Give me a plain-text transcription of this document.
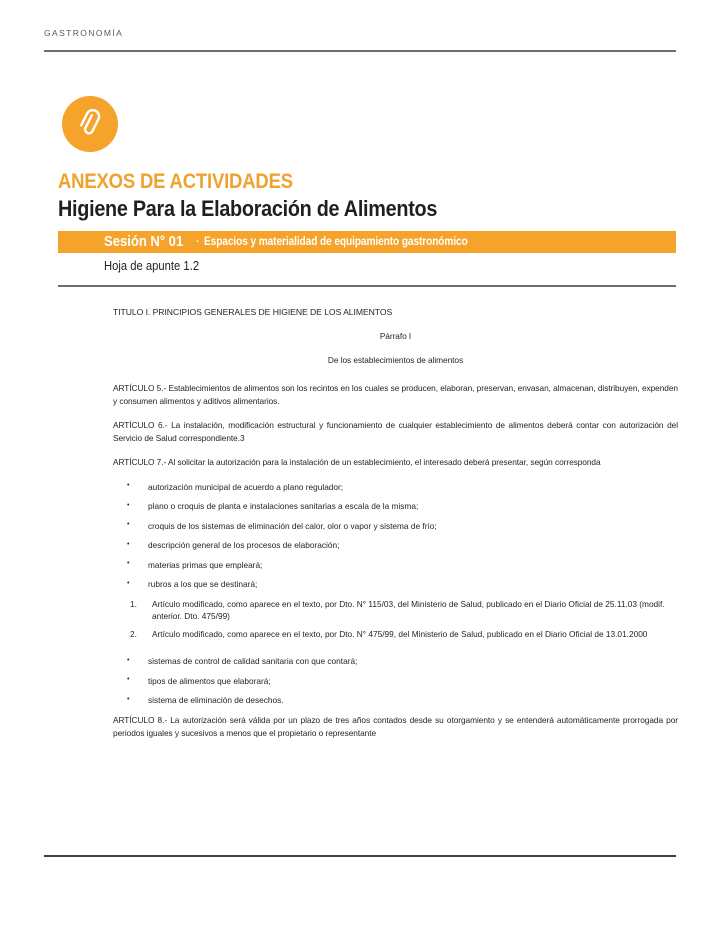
GASTRONOMÍA
ANEXOS DE ACTIVIDADES
Higiene Para la Elaboración de Alimentos
Sesión N° 01	· Espacios y materialidad de equipamiento gastronómico
Hoja de apunte 1.2

TITULO I. PRINCIPIOS GENERALES DE HIGIENE DE LOS ALIMENTOS

Párrafo I

De los establecimientos de alimentos

ARTÍCULO 5.- Establecimientos de alimentos son los recintos en los cuales se producen, elaboran, preservan, envasan, almacenan, distribuyen, expenden y consumen alimentos y aditivos alimentarios.

ARTÍCULO 6.- La instalación, modificación estructural y funcionamiento de cualquier establecimiento de alimentos deberá contar con autorización del Servicio de Salud correspondiente.3

ARTÍCULO 7.- Al solicitar la autorización para la instalación de un establecimiento, el interesado deberá presentar, según corresponda

• autorización municipal de acuerdo a plano regulador;
• plano o croquis de planta e instalaciones sanitarias a escala de la misma;
• croquis de los sistemas de eliminación del calor, olor o vapor y sistema de frío;
• descripción general de los procesos de elaboración;
• materias primas que empleará;
• rubros a los que se destinará;
Artículo modificado, como aparece en el texto, por Dto. N° 115/03, del Ministerio de Salud, publicado en el Diario Oficial de 25.11.03 (modif. anterior. Dto. 475/99)
Artículo modificado, como aparece en el texto, por Dto. N° 475/99, del Ministerio de Salud, publicado en el Diario Oficial de 13.01.2000
• sistemas de control de calidad sanitaria con que contará;
• tipos de alimentos que elaborará;
• sistema de eliminación de desechos.

ARTÍCULO 8.- La autorización será válida por un plazo de tres años contados desde su otorgamiento y se entenderá automáticamente prorrogada por periodos iguales y sucesivos a menos que el propietario o representante
